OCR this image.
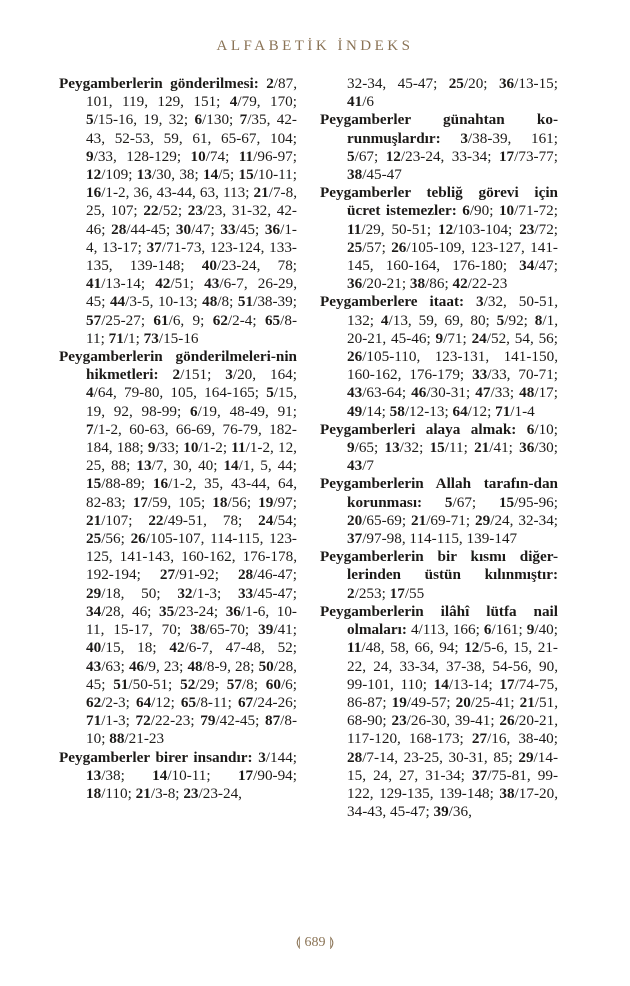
ALFABETİK İNDEKS

Peygamberlerin gönderilmesi: 2/87, 101, 119, 129, 151; 4/79, 170; 5/15-16, 19, 32; 6/130; 7/35, 42-43, 52-53, 59, 61, 65-67, 104; 9/33, 128-129; 10/74; 11/96-97; 12/109; 13/30, 38; 14/5; 15/10-11; 16/1-2, 36, 43-44, 63, 113; 21/7-8, 25, 107; 22/52; 23/23, 31-32, 42-46; 28/44-45; 30/47; 33/45; 36/1-4, 13-17; 37/71-73, 123-124, 133-135, 139-148; 40/23-24, 78; 41/13-14; 42/51; 43/6-7, 26-29, 45; 44/3-5, 10-13; 48/8; 51/38-39; 57/25-27; 61/6, 9; 62/2-4; 65/8-11; 71/1; 73/15-16

Peygamberlerin gönderilmeleri-nin hikmetleri: 2/151; 3/20, 164; 4/64, 79-80, 105, 164-165; 5/15, 19, 92, 98-99; 6/19, 48-49, 91; 7/1-2, 60-63, 66-69, 76-79, 182-184, 188; 9/33; 10/1-2; 11/1-2, 12, 25, 88; 13/7, 30, 40; 14/1, 5, 44; 15/88-89; 16/1-2, 35, 43-44, 64, 82-83; 17/59, 105; 18/56; 19/97; 21/107; 22/49-51, 78; 24/54; 25/56; 26/105-107, 114-115, 123-125, 141-143, 160-162, 176-178, 192-194; 27/91-92; 28/46-47; 29/18, 50; 32/1-3; 33/45-47; 34/28, 46; 35/23-24; 36/1-6, 10-11, 15-17, 70; 38/65-70; 39/41; 40/15, 18; 42/6-7, 47-48, 52; 43/63; 46/9, 23; 48/8-9, 28; 50/28, 45; 51/50-51; 52/29; 57/8; 60/6; 62/2-3; 64/12; 65/8-11; 67/24-26; 71/1-3; 72/22-23; 79/42-45; 87/8-10; 88/21-23

Peygamberler birer insandır: 3/144; 13/38; 14/10-11; 17/90-94; 18/110; 21/3-8; 23/23-24,

32-34, 45-47; 25/20; 36/13-15; 41/6

Peygamberler günahtan ko-runmuşlardır: 3/38-39, 161; 5/67; 12/23-24, 33-34; 17/73-77; 38/45-47

Peygamberler tebliğ görevi için ücret istemezler: 6/90; 10/71-72; 11/29, 50-51; 12/103-104; 23/72; 25/57; 26/105-109, 123-127, 141-145, 160-164, 176-180; 34/47; 36/20-21; 38/86; 42/22-23

Peygamberlere itaat: 3/32, 50-51, 132; 4/13, 59, 69, 80; 5/92; 8/1, 20-21, 45-46; 9/71; 24/52, 54, 56; 26/105-110, 123-131, 141-150, 160-162, 176-179; 33/33, 70-71; 43/63-64; 46/30-31; 47/33; 48/17; 49/14; 58/12-13; 64/12; 71/1-4

Peygamberleri alaya almak: 6/10; 9/65; 13/32; 15/11; 21/41; 36/30; 43/7

Peygamberlerin Allah tarafın-dan korunması: 5/67; 15/95-96; 20/65-69; 21/69-71; 29/24, 32-34; 37/97-98, 114-115, 139-147

Peygamberlerin bir kısmı diğer-lerinden üstün kılınmıştır: 2/253; 17/55

Peygamberlerin ilâhî lütfa nail olmaları: 4/113, 166; 6/161; 9/40; 11/48, 58, 66, 94; 12/5-6, 15, 21-22, 24, 33-34, 37-38, 54-56, 90, 99-101, 110; 14/13-14; 17/74-75, 86-87; 19/49-57; 20/25-41; 21/51, 68-90; 23/26-30, 39-41; 26/20-21, 117-120, 168-173; 27/16, 38-40; 28/7-14, 23-25, 30-31, 85; 29/14-15, 24, 27, 31-34; 37/75-81, 99-122, 129-135, 139-148; 38/17-20, 34-43, 45-47; 39/36,

⟬ 689 ⟭
